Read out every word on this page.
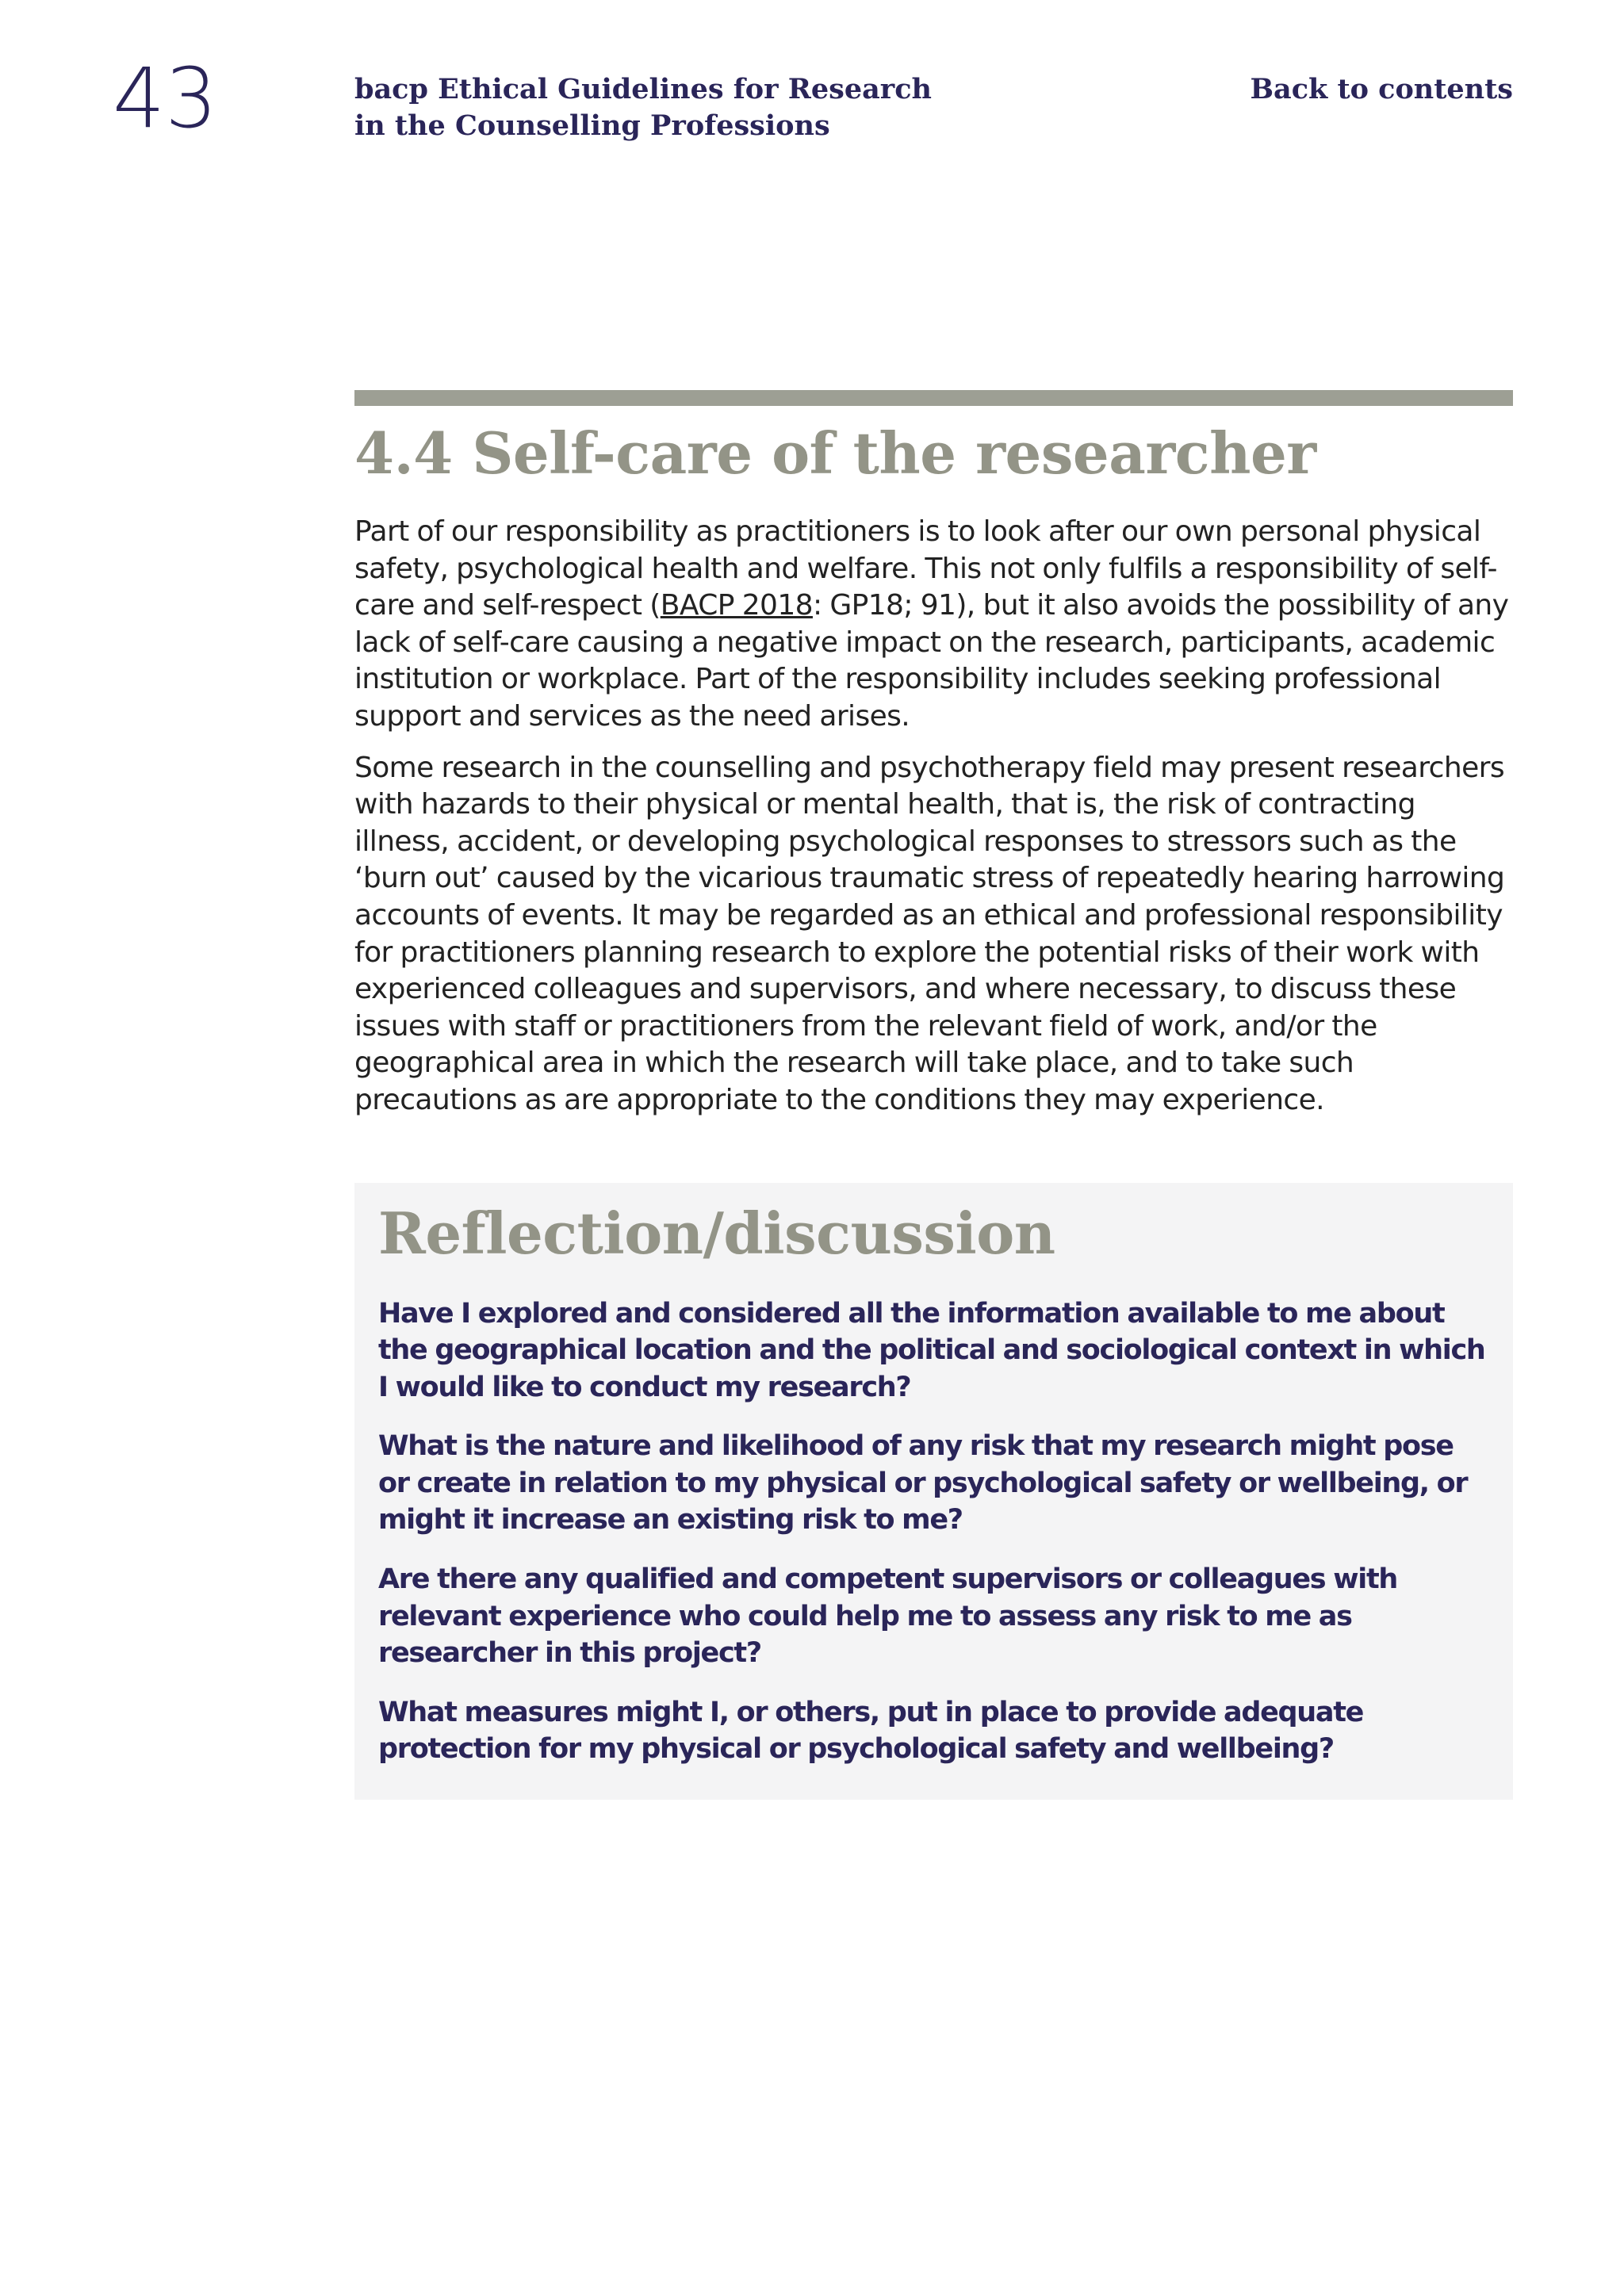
43	bacp Ethical Guidelines for Research
in the Counselling Professions
Back to contents
4.4 Self-care of the researcher

Part of our responsibility as practitioners is to look after our own personal physical safety, psychological health and welfare. This not only fulfils a responsibility of self-care and self-respect (BACP 2018: GP18; 91), but it also avoids the possibility of any lack of self-care causing a negative impact on the research, participants, academic institution or workplace. Part of the responsibility includes seeking professional support and services as the need arises.

Some research in the counselling and psychotherapy field may present researchers with hazards to their physical or mental health, that is, the risk of contracting illness, accident, or developing psychological responses to stressors such as the ‘burn out’ caused by the vicarious traumatic stress of repeatedly hearing harrowing accounts of events. It may be regarded as an ethical and professional responsibility for practitioners planning research to explore the potential risks of their work with experienced colleagues and supervisors, and where necessary, to discuss these issues with staff or practitioners from the relevant field of work, and/or the geographical area in which the research will take place, and to take such precautions as are appropriate to the conditions they may experience.

Reflection/discussion

Have I explored and considered all the information available to me about the geographical location and the political and sociological context in which I would like to conduct my research?

What is the nature and likelihood of any risk that my research might pose or create in relation to my physical or psychological safety or wellbeing, or might it increase an existing risk to me?

Are there any qualified and competent supervisors or colleagues with relevant experience who could help me to assess any risk to me as researcher in this project?

What measures might I, or others, put in place to provide adequate protection for my physical or psychological safety and wellbeing?
